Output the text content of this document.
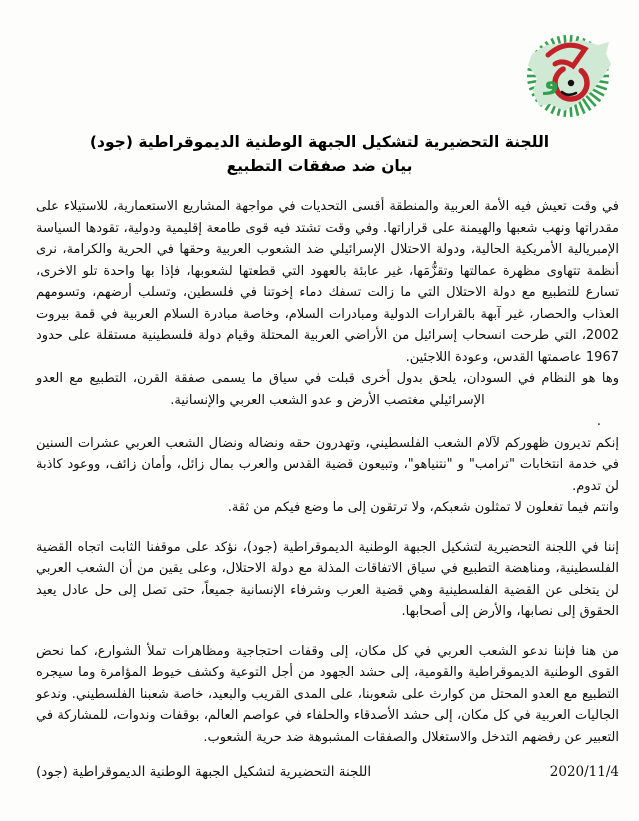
و
اللجنة التحضيرية لتشكيل الجبهة الوطنية الديموقراطية (جود)
بيان ضد صفقات التطبيع

في وقت تعيش فيه الأمة العربية والمنطقة أقسى التحديات في مواجهة المشاريع الاستعمارية، للاستيلاء على مقدراتها ونهب شعبها والهيمنة على قراراتها. وفي وقت تشتد فيه قوى طامعة إقليمية ودولية، تقودها السياسة الإمبريالية الأمريكية الحالية، ودولة الاحتلال الإسرائيلي ضد الشعوب العربية وحقها في الحرية والكرامة، نرى أنظمة تتهاوى مظهرة عمالتها وتقزُّمَها، غير عابئة بالعهود التي قطعتها لشعوبها، فإذا بها واحدة تلو الاخرى، تسارع للتطبيع مع دولة الاحتلال التي ما زالت تسفك دماء إخوتنا في فلسطين، وتسلب أرضهم، وتسومهم العذاب والحصار، غير آبهة بالقرارات الدولية ومبادرات السلام، وخاصة مبادرة السلام العربية في قمة بيروت 2002، التي طرحت انسحاب إسرائيل من الأراضي العربية المحتلة وقيام دولة فلسطينية مستقلة على حدود 1967 عاصمتها القدس، وعودة اللاجئين.

وها هو النظام في السودان، يلحق بدول أخرى قبلت في سياق ما يسمى صفقة القرن، التطبيع مع العدو الإسرائيلي مغتصب الأرض و عدو الشعب العربي والإنسانية.

.

إنكم تديرون ظهوركم لآلام الشعب الفلسطيني، وتهدرون حقه ونضاله ونضال الشعب العربي عشرات السنين في خدمة انتخابات "ترامب" و "نتنياهو"، وتبيعون قضية القدس والعرب بمال زائل، وأمان زائف، ووعود كاذبة لن تدوم.

وانتم فيما تفعلون لا تمثلون شعبكم، ولا ترتقون إلى ما وضع فيكم من ثقة.

إننا في اللجنة التحضيرية لتشكيل الجبهة الوطنية الديموقراطية (جود)، نؤكد على موقفنا الثابت اتجاه القضية الفلسطينية، ومناهضة التطبيع في سياق الاتفاقات المذلة مع دولة الاحتلال، وعلى يقين من أن الشعب العربي لن يتخلى عن القضية الفلسطينية وهي قضية العرب وشرفاء الإنسانية جميعاً، حتى تصل إلى حل عادل يعيد الحقوق إلى نصابها، والأرض إلى أصحابها.

من هنا فإننا ندعو الشعب العربي في كل مكان، إلى وقفات احتجاجية ومظاهرات تملأ الشوارع، كما نحض القوى الوطنية الديموقراطية والقومية، إلى حشد الجهود من أجل التوعية وكشف خيوط المؤامرة وما سيجره التطبيع مع العدو المحتل من كوارث على شعوبنا، على المدى القريب والبعيد، خاصة شعبنا الفلسطيني. وندعو الجاليات العربية في كل مكان، إلى حشد الأصدقاء والحلفاء في عواصم العالم، بوقفات وندوات، للمشاركة في التعبير عن رفضهم التدخل والاستغلال والصفقات المشبوهة ضد حرية الشعوب.

2020/11/4
اللجنة التحضيرية لتشكيل الجبهة الوطنية الديموقراطية (جود)
